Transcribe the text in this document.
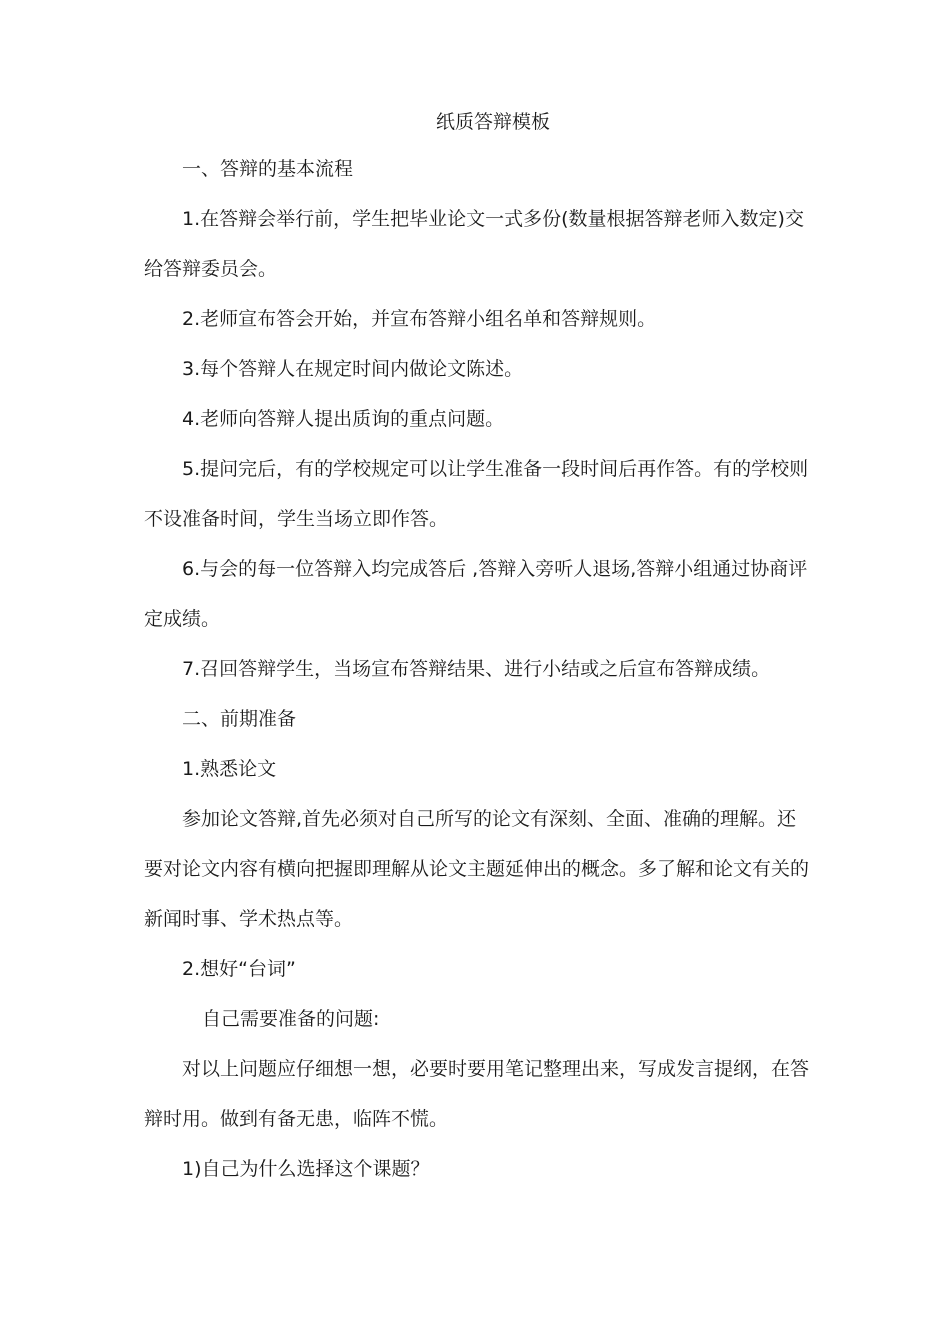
纸质答辩模板

一、答辩的基本流程

1.在答辩会举行前，学生把毕业论文一式多份(数量根据答辩老师入数定)交给答辩委员会。

2.老师宣布答会开始，并宣布答辩小组名单和答辩规则。

3.每个答辩人在规定时间内做论文陈述。

4.老师向答辩人提出质询的重点问题。

5.提问完后，有的学校规定可以让学生准备一段时间后再作答。有的学校则不设准备时间，学生当场立即作答。

6.与会的每一位答辩入均完成答后 ,答辩入旁听人退场,答辩小组通过协商评定成绩。

7.召回答辩学生，当场宣布答辩结果、进行小结或之后宣布答辩成绩。

二、前期准备

1.熟悉论文

参加论文答辩,首先必须对自己所写的论文有深刻、全面、准确的理解。还要对论文内容有横向把握即理解从论文主题延伸出的概念。多了解和论文有关的新闻时事、学术热点等。

2.想好“台词”

自己需要准备的问题:

对以上问题应仔细想一想，必要时要用笔记整理出来，写成发言提纲，在答辩时用。做到有备无患，临阵不慌。

1)自己为什么选择这个课题？
